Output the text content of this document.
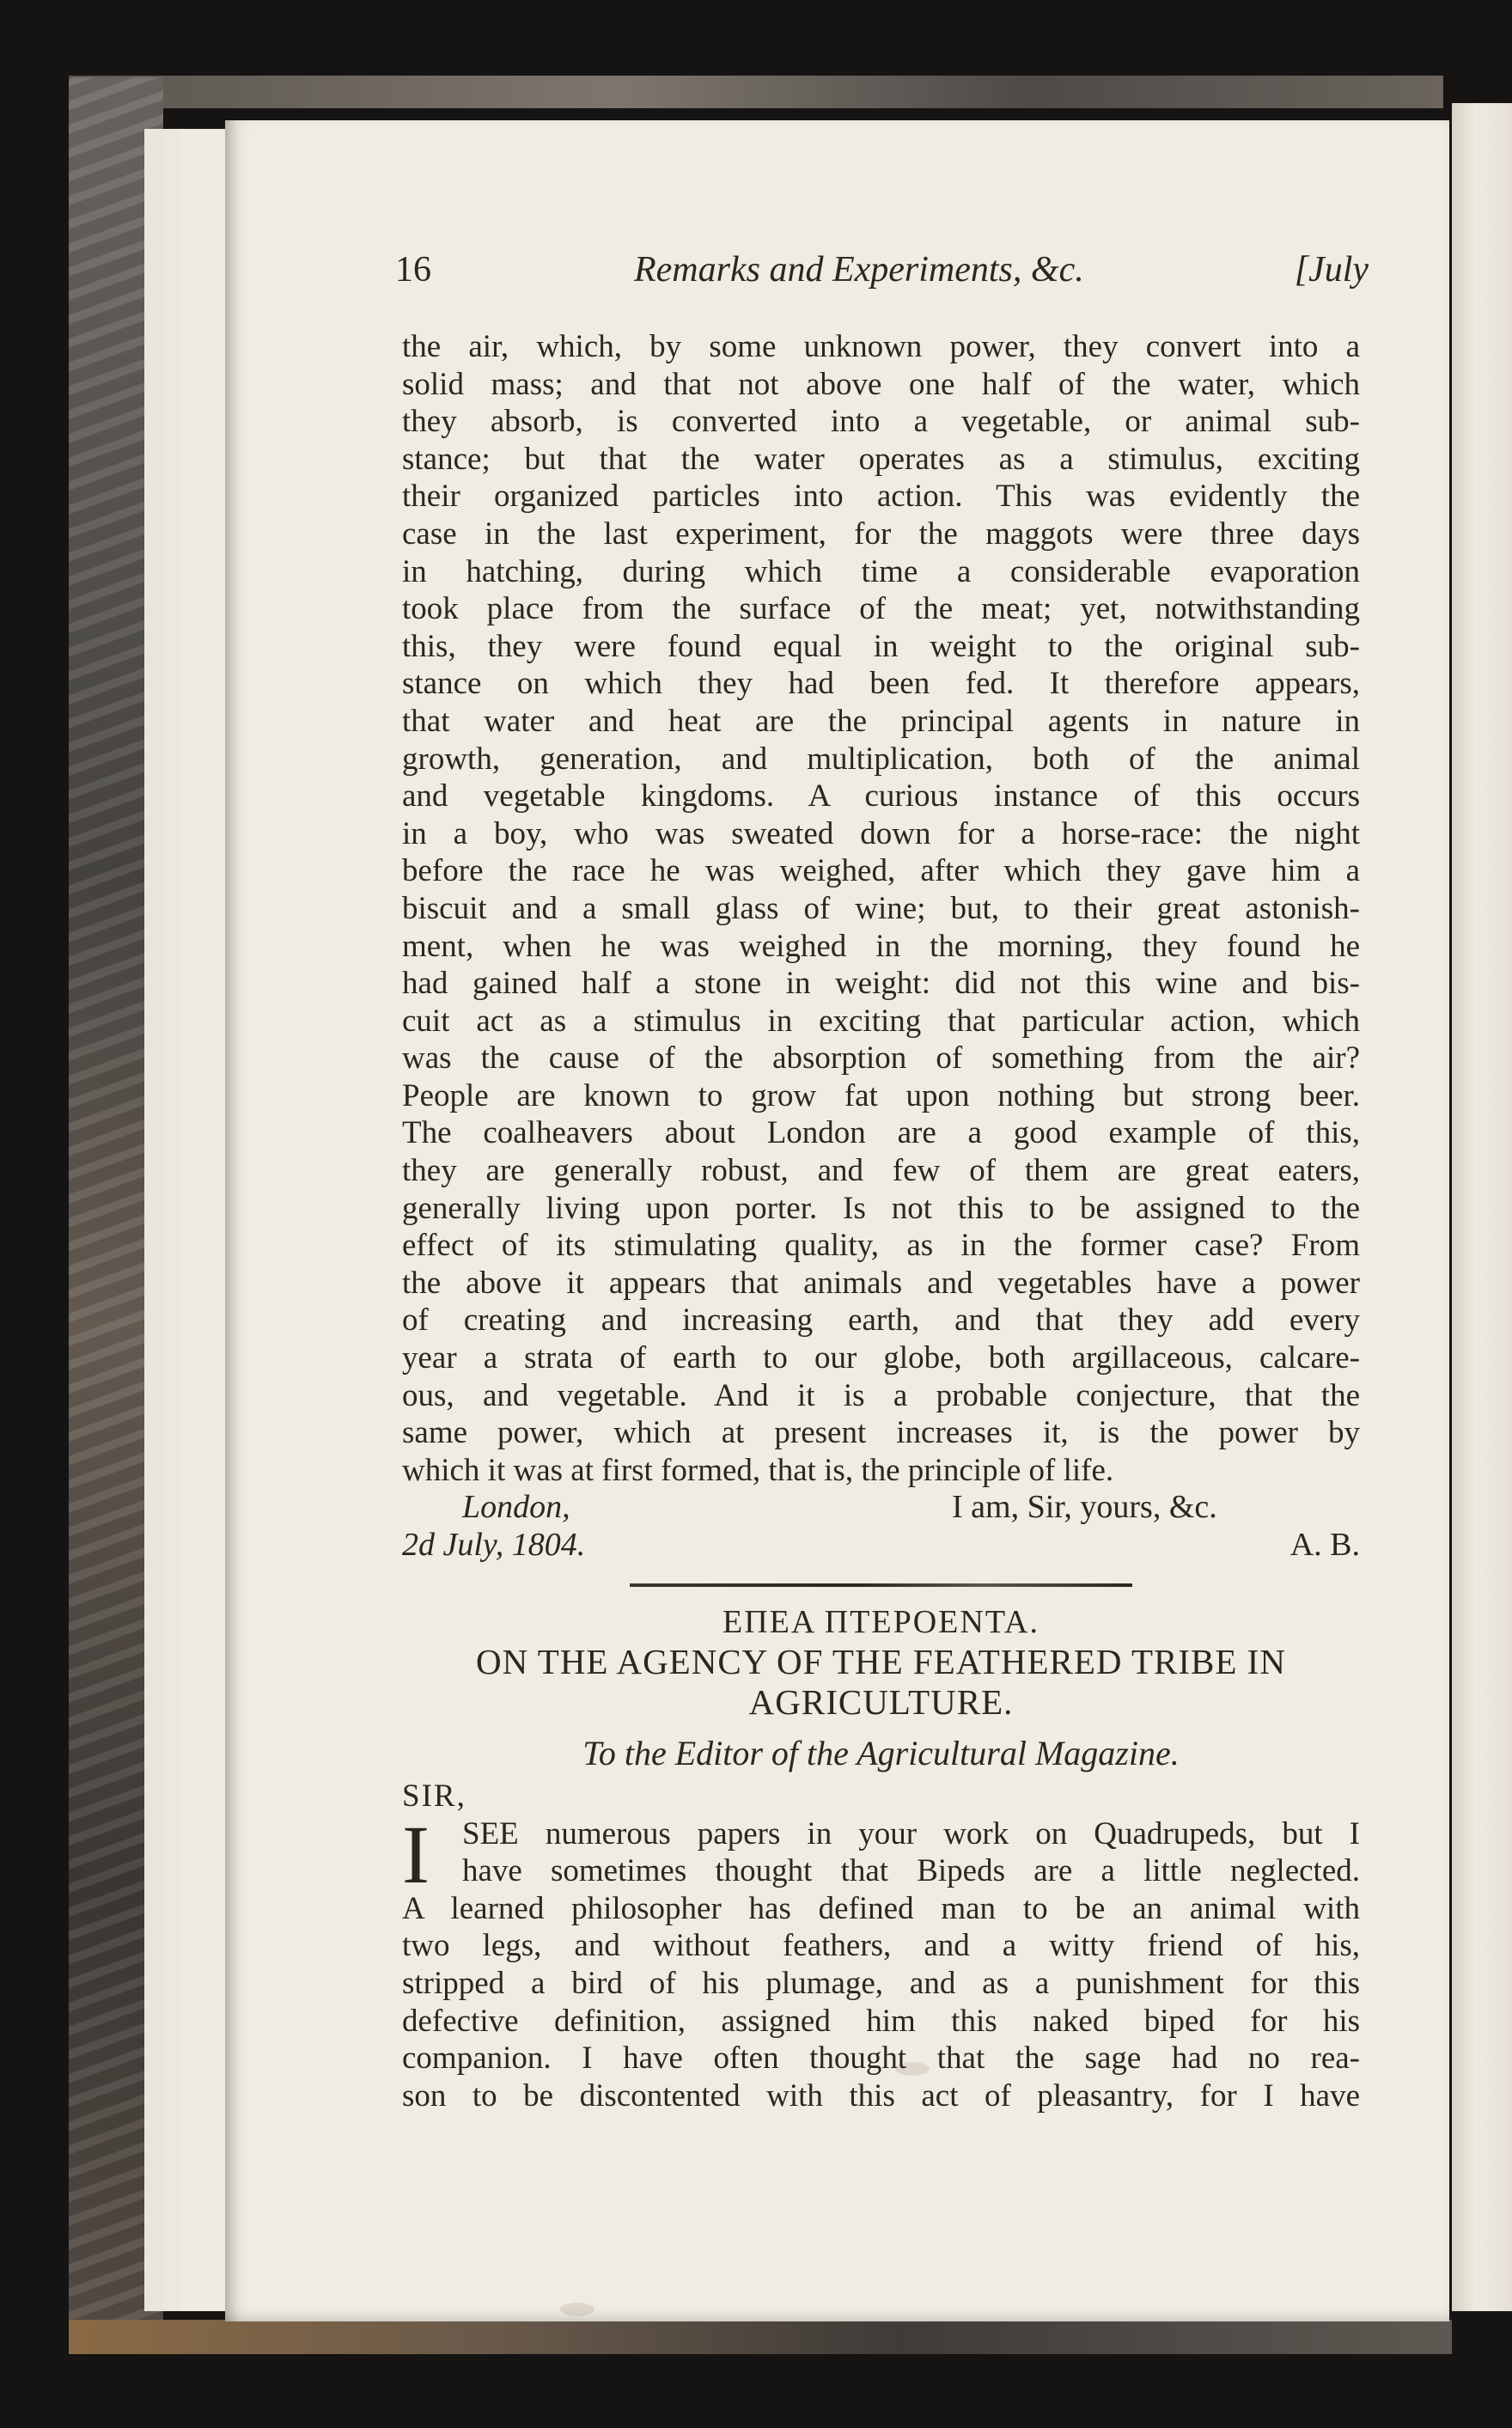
16	Remarks and Experiments, &c.	[July

the air, which, by some unknown power, they convert into a

solid mass; and that not above one half of the water, which

they absorb, is converted into a vegetable, or animal sub-

stance; but that the water operates as a stimulus, exciting

their organized particles into action. This was evidently the

case in the last experiment, for the maggots were three days

in hatching, during which time a considerable evaporation

took place from the surface of the meat; yet, notwithstanding

this, they were found equal in weight to the original sub-

stance on which they had been fed. It therefore appears,

that water and heat are the principal agents in nature in

growth, generation, and multiplication, both of the animal

and vegetable kingdoms. A curious instance of this occurs

in a boy, who was sweated down for a horse-race: the night

before the race he was weighed, after which they gave him a

biscuit and a small glass of wine; but, to their great astonish-

ment, when he was weighed in the morning, they found he

had gained half a stone in weight: did not this wine and bis-

cuit act as a stimulus in exciting that particular action, which

was the cause of the absorption of something from the air?

People are known to grow fat upon nothing but strong beer.

The coalheavers about London are a good example of this,

they are generally robust, and few of them are great eaters,

generally living upon porter. Is not this to be assigned to the

effect of its stimulating quality, as in the former case? From

the above it appears that animals and vegetables have a power

of creating and increasing earth, and that they add every

year a strata of earth to our globe, both argillaceous, calcare-

ous, and vegetable. And it is a probable conjecture, that the

same power, which at present increases it, is the power by

which it was at first formed, that is, the principle of life.

London,	I am, Sir, yours, &c.
2d July, 1804.	A. B.
ΕΠΕΑ ΠΤΕΡΟΕΝΤΑ.
ON THE AGENCY OF THE FEATHERED TRIBE IN
AGRICULTURE.
To the Editor of the Agricultural Magazine.
SIR,
I	SEE numerous papers in your work on Quadrupeds, but I

have sometimes thought that Bipeds are a little neglected.

A learned philosopher has defined man to be an animal with

two legs, and without feathers, and a witty friend of his,

stripped a bird of his plumage, and as a punishment for this

defective definition, assigned him this naked biped for his

companion. I have often thought that the sage had no rea-

son to be discontented with this act of pleasantry, for I have
